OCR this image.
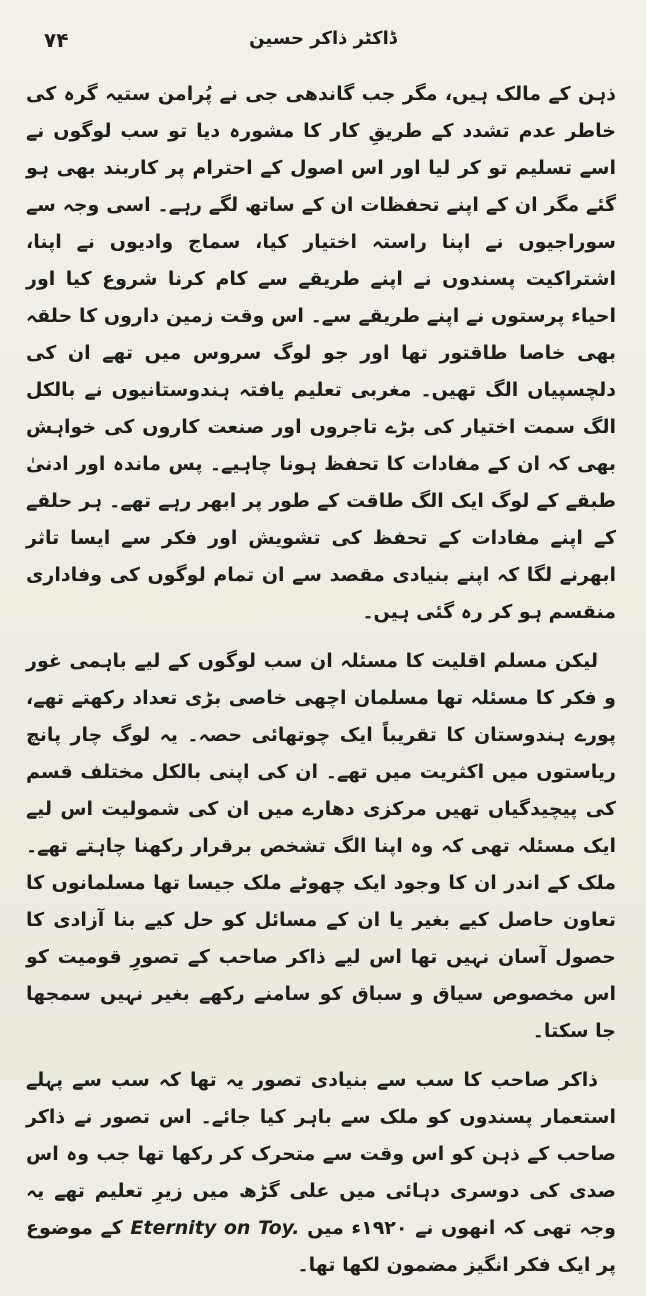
۷۴	ڈاکٹر ذاکر حسین

ذہن کے مالک ہیں، مگر جب گاندھی جی نے پُرامن ستیہ گرہ کی خاطر عدم تشدد کے طریقِ کار کا مشورہ دیا تو سب لوگوں نے اسے تسلیم تو کر لیا اور اس اصول کے احترام پر کاربند بھی ہو گئے مگر ان کے اپنے تحفظات ان کے ساتھ لگے رہے۔ اسی وجہ سے سوراجیوں نے اپنا راستہ اختیار کیا، سماج وادیوں نے اپنا، اشتراکیت پسندوں نے اپنے طریقے سے کام کرنا شروع کیا اور احیاء پرستوں نے اپنے طریقے سے۔ اس وقت زمین داروں کا حلقہ بھی خاصا طاقتور تھا اور جو لوگ سروس میں تھے ان کی دلچسپیاں الگ تھیں۔ مغربی تعلیم یافتہ ہندوستانیوں نے بالکل الگ سمت اختیار کی بڑے تاجروں اور صنعت کاروں کی خواہش بھی کہ ان کے مفادات کا تحفظ ہونا چاہیے۔ پس ماندہ اور ادنیٰ طبقے کے لوگ ایک الگ طاقت کے طور پر ابھر رہے تھے۔ ہر حلقے کے اپنے مفادات کے تحفظ کی تشویش اور فکر سے ایسا تاثر ابھرنے لگا کہ اپنے بنیادی مقصد سے ان تمام لوگوں کی وفاداری منقسم ہو کر رہ گئی ہیں۔

لیکن مسلم اقلیت کا مسئلہ ان سب لوگوں کے لیے باہمی غور و فکر کا مسئلہ تھا مسلمان اچھی خاصی بڑی تعداد رکھتے تھے، پورے ہندوستان کا تقریباً ایک چوتھائی حصہ۔ یہ لوگ چار پانچ ریاستوں میں اکثریت میں تھے۔ ان کی اپنی بالکل مختلف قسم کی پیچیدگیاں تھیں مرکزی دھارے میں ان کی شمولیت اس لیے ایک مسئلہ تھی کہ وہ اپنا الگ تشخص برقرار رکھنا چاہتے تھے۔ ملک کے اندر ان کا وجود ایک چھوٹے ملک جیسا تھا مسلمانوں کا تعاون حاصل کیے بغیر یا ان کے مسائل کو حل کیے بنا آزادی کا حصول آسان نہیں تھا اس لیے ذاکر صاحب کے تصورِ قومیت کو اس مخصوص سیاق و سباق کو سامنے رکھے بغیر نہیں سمجھا جا سکتا۔

ذاکر صاحب کا سب سے بنیادی تصور یہ تھا کہ سب سے پہلے استعمار پسندوں کو ملک سے باہر کیا جائے۔ اس تصور نے ذاکر صاحب کے ذہن کو اس وقت سے متحرک کر رکھا تھا جب وہ اس صدی کی دوسری دہائی میں علی گڑھ میں زیرِ تعلیم تھے یہ وجہ تھی کہ انھوں نے ۱۹۲۰ء میں Eternity on Toy. کے موضوع پر ایک فکر انگیز مضمون لکھا تھا۔
